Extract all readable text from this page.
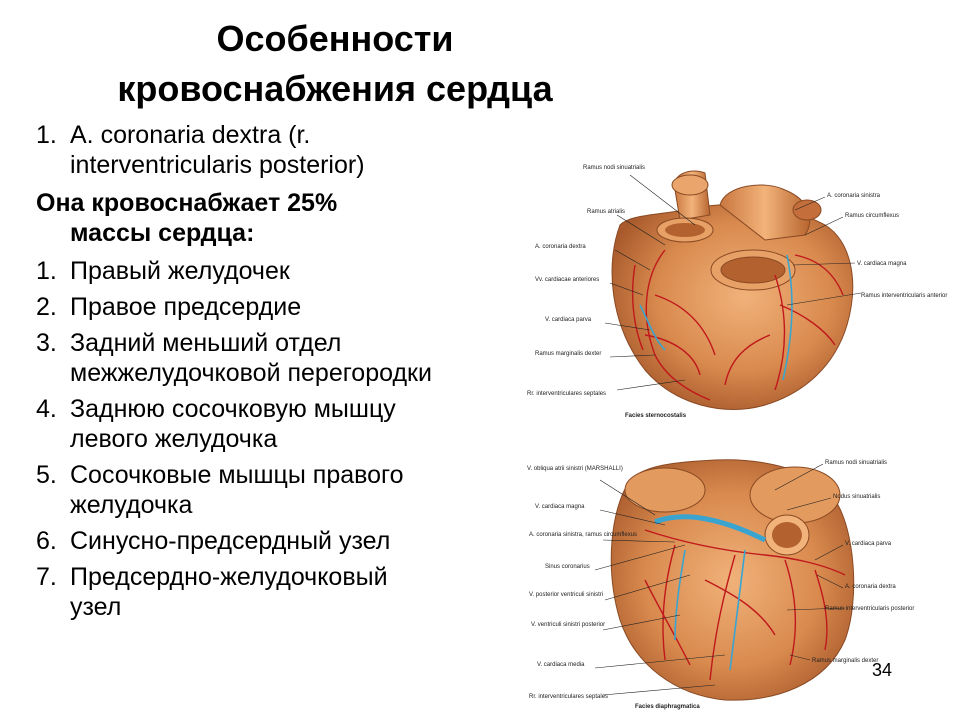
Особенности
кровоснабжения сердца
1. A. coronaria dextra (r.
interventricularis posterior)
Она кровоснабжает 25%
массы сердца:
1. Правый желудочек
2. Правое предсердие
3. Задний меньший отдел
межжелудочковой перегородки
4. Заднюю сосочковую мышцу
левого желудочка
5. Сосочковые мышцы правого
желудочка
6. Синусно-предсердный узел
7. Предсердно-желудочковый
узел
Ramus nodi sinuatrialis
Ramus atrialis
A. coronaria dextra
Vv. cardiacae anteriores
V. cardiaca parva
Ramus marginalis dexter
Rr. interventriculares septales
A. coronaria sinistra
Ramus circumflexus
V. cardiaca magna
Ramus interventricularis anterior
Facies sternocostalis
V. obliqua atrii sinistri (MARSHALLI)
V. cardiaca magna
A. coronaria sinistra, ramus circumflexus
Sinus coronarius
V. posterior ventriculi sinistri
V. ventriculi sinistri posterior
V. cardiaca media
Rr. interventriculares septales
Ramus nodi sinuatrialis
Nodus sinuatrialis
V. cardiaca parva
A. coronaria dextra
Ramus interventricularis posterior
Ramus marginalis dexter
Facies diaphragmatica
34
